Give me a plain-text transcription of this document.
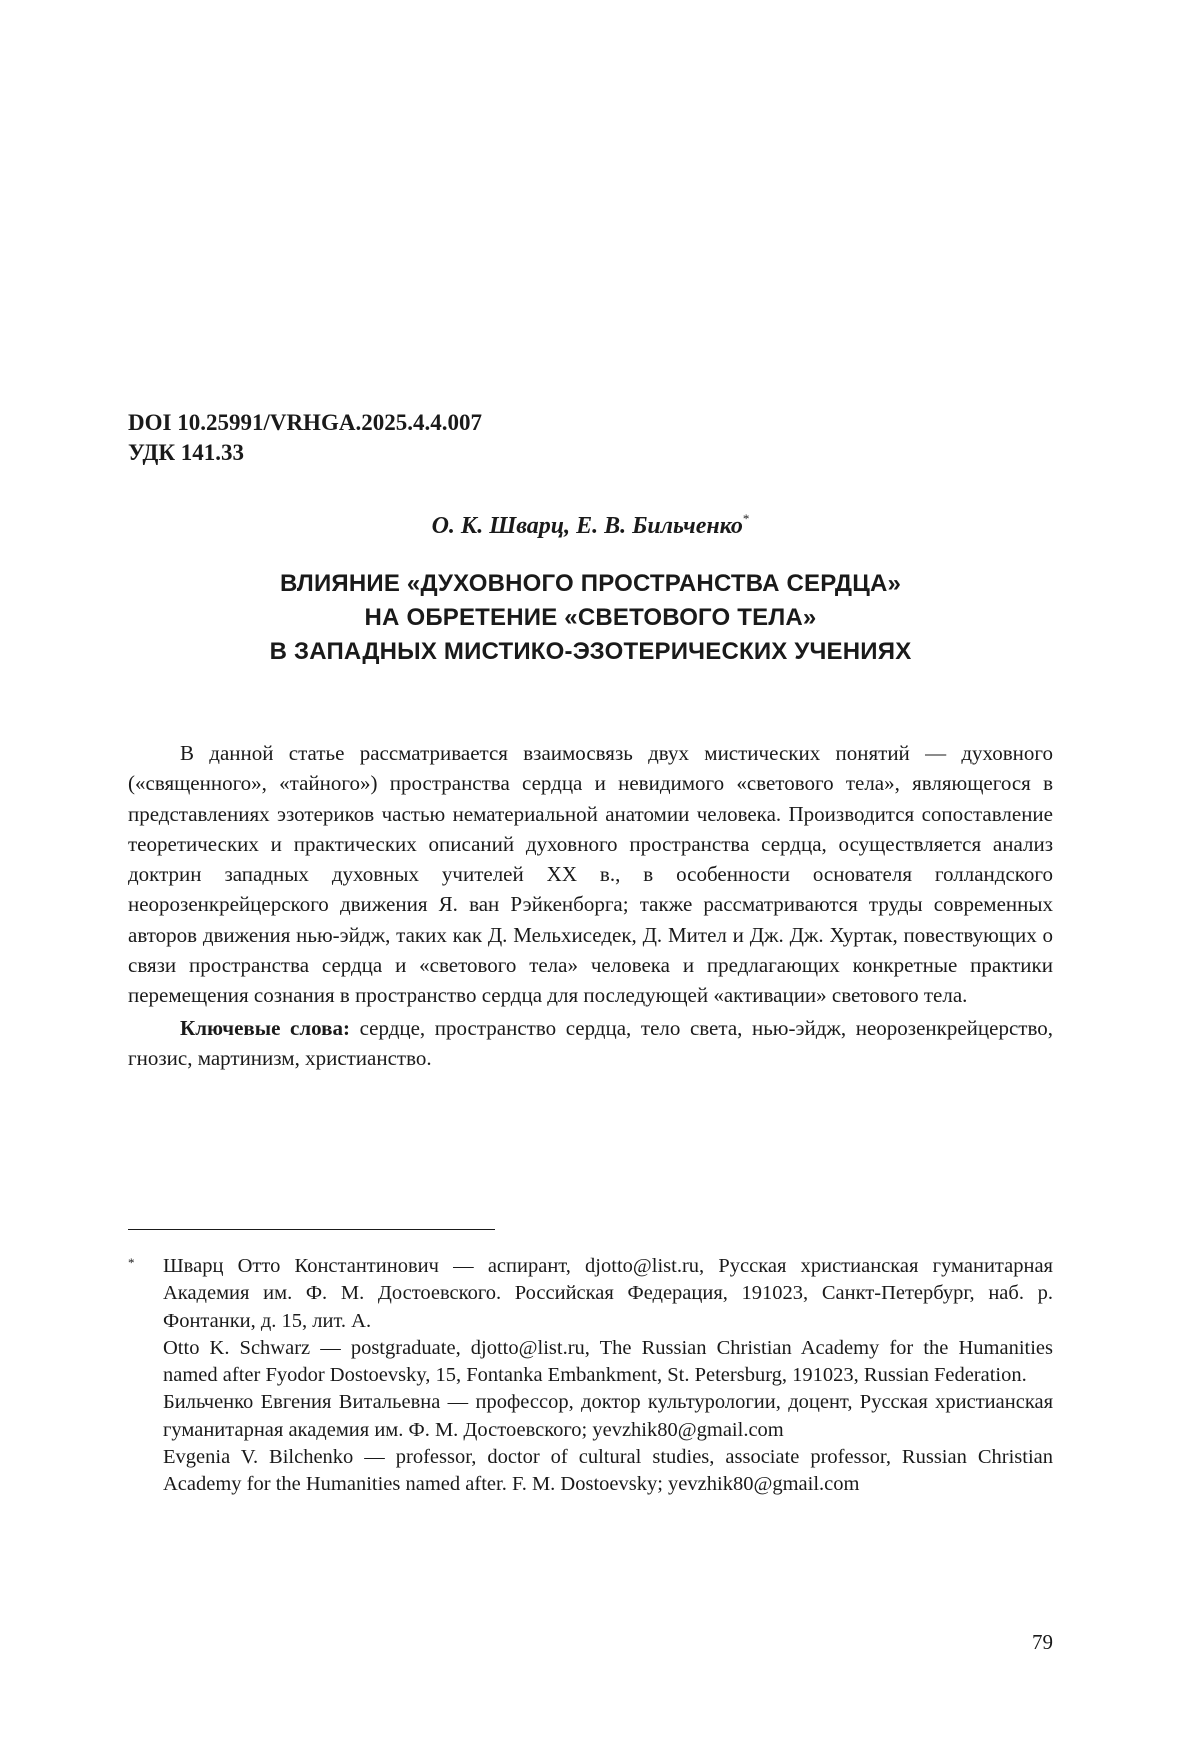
DOI 10.25991/VRHGA.2025.4.4.007
УДК 141.33
О. К. Шварц, Е. В. Бильченко*
ВЛИЯНИЕ «ДУХОВНОГО ПРОСТРАНСТВА СЕРДЦА»
НА ОБРЕТЕНИЕ «СВЕТОВОГО ТЕЛА»
В ЗАПАДНЫХ МИСТИКО-ЭЗОТЕРИЧЕСКИХ УЧЕНИЯХ

В данной статье рассматривается взаимосвязь двух мистических понятий — духовного («священного», «тайного») пространства сердца и невидимого «светового тела», являющегося в представлениях эзотериков частью нематериальной анатомии человека. Производится сопоставление теоретических и практических описаний духовного пространства сердца, осуществляется анализ доктрин западных духовных учителей XX в., в особенности основателя голландского неорозенкрейцерского движения Я. ван Рэйкенборга; также рассматриваются труды современных авторов движения нью-эйдж, таких как Д. Мельхиседек, Д. Мител и Дж. Дж. Хуртак, повествующих о связи пространства сердца и «светового тела» человека и предлагающих конкретные практики перемещения сознания в пространство сердца для последующей «активации» светового тела.

Ключевые слова: сердце, пространство сердца, тело света, нью-эйдж, неорозенкрейцерство, гнозис, мартинизм, христианство.

* Шварц Отто Константинович — аспирант, djotto@list.ru, Русская христианская гуманитарная Академия им. Ф. М. Достоевского. Российская Федерация, 191023, Санкт-Петербург, наб. р. Фонтанки, д. 15, лит. А.

Otto K. Schwarz — postgraduate, djotto@list.ru, The Russian Christian Academy for the Humanities named after Fyodor Dostoevsky, 15, Fontanka Embankment, St. Petersburg, 191023, Russian Federation.

Бильченко Евгения Витальевна — профессор, доктор культурологии, доцент, Русская христианская гуманитарная академия им. Ф. М. Достоевского; yevzhik80@gmail.com

Evgenia V. Bilchenko — professor, doctor of cultural studies, associate professor, Russian Christian Academy for the Humanities named after. F. M. Dostoevsky; yevzhik80@gmail.com

79
